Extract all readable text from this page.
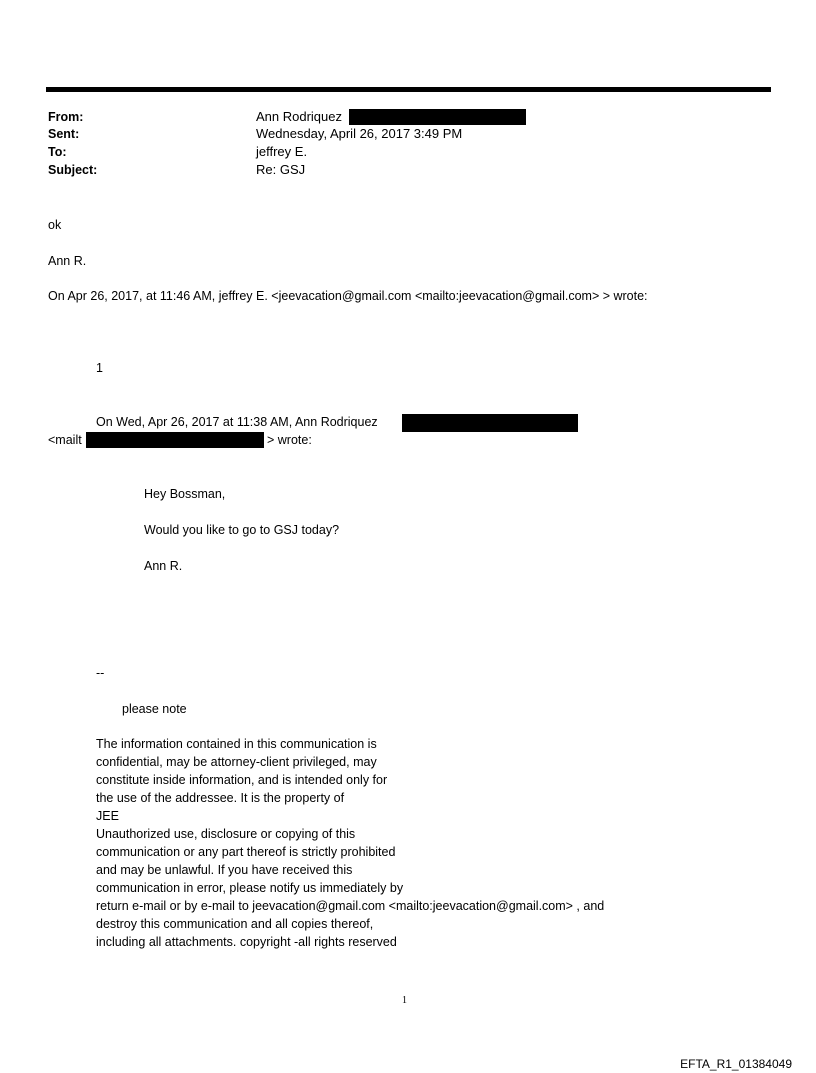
From:	Ann Rodriquez
Sent:	Wednesday, April 26, 2017 3:49 PM
To:	jeffrey E.
Subject:	Re: GSJ
ok
Ann R.
On Apr 26, 2017, at 11:46 AM, jeffrey E. <jeevacation@gmail.com <mailto:jeevacation@gmail.com> > wrote:
1
On Wed, Apr 26, 2017 at 11:38 AM, Ann Rodriquez
<mailt	> wrote:
Hey Bossman,
Would you like to go to GSJ today?
Ann R.
--
please note
The information contained in this communication is
confidential, may be attorney-client privileged, may
constitute inside information, and is intended only for
the use of the addressee. It is the property of
JEE
Unauthorized use, disclosure or copying of this
communication or any part thereof is strictly prohibited
and may be unlawful. If you have received this
communication in error, please notify us immediately by
return e-mail or by e-mail to jeevacation@gmail.com <mailto:jeevacation@gmail.com> , and
destroy this communication and all copies thereof,
including all attachments. copyright -all rights reserved
1
EFTA_R1_01384049
